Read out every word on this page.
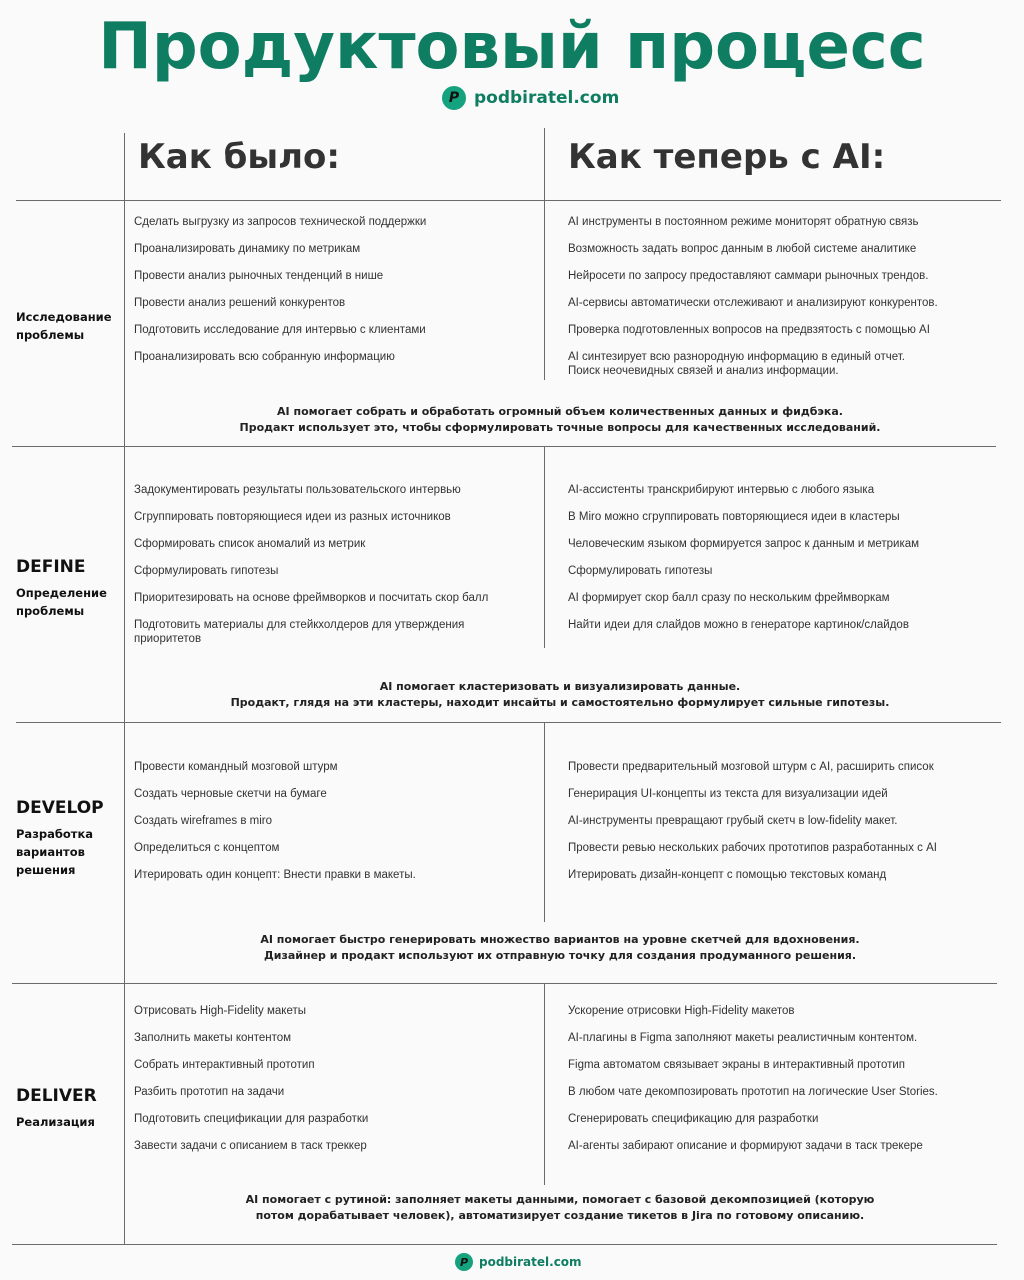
Продуктовый процесс
P podbiratel.com
Как было:	Как теперь с AI:
Исследование проблемы
Сделать выгрузку из запросов технической поддержки
Проанализировать динамику по метрикам
Провести анализ рыночных тенденций в нише
Провести анализ решений конкурентов
Подготовить исследование для интервью с клиентами
Проанализировать всю собранную информацию
AI инструменты в постоянном режиме мониторят обратную связь
Возможность задать вопрос данным в любой системе аналитике
Нейросети по запросу предоставляют саммари рыночных трендов.
AI-сервисы автоматически отслеживают и анализируют конкурентов.
Проверка подготовленных вопросов на предвзятость с помощью AI
AI синтезирует всю разнородную информацию в единый отчет.
Поиск неочевидных связей и анализ информации.
AI помогает собрать и обработать огромный объем количественных данных и фидбэка.
Продакт использует это, чтобы сформулировать точные вопросы для качественных исследований.
DEFINE
Определение проблемы
Задокументировать результаты пользовательского интервью
Сгруппировать повторяющиеся идеи из разных источников
Сформировать список аномалий из метрик
Сформулировать гипотезы
Приоритезировать на основе фреймворков и посчитать скор балл
Подготовить материалы для стейкхолдеров для утверждения
приоритетов
AI-ассистенты транскрибируют интервью с любого языка
В Miro можно сгруппировать повторяющиеся идеи в кластеры
Человеческим языком формируется запрос к данным и метрикам
Сформулировать гипотезы
AI формирует скор балл сразу по нескольким фреймворкам
Найти идеи для слайдов можно в генераторе картинок/слайдов
AI помогает кластеризовать и визуализировать данные.
Продакт, глядя на эти кластеры, находит инсайты и самостоятельно формулирует сильные гипотезы.
DEVELOP
Разработка вариантов решения
Провести командный мозговой штурм
Создать черновые скетчи на бумаге
Создать wireframes в miro
Определиться с концептом
Итерировать один концепт: Внести правки в макеты.
Провести предварительный мозговой штурм с AI, расширить список
Генерирация UI-концепты из текста для визуализации идей
AI-инструменты превращают грубый скетч в low-fidelity макет.
Провести ревью нескольких рабочих прототипов разработанных с AI
Итерировать дизайн-концепт с помощью текстовых команд
AI помогает быстро генерировать множество вариантов на уровне скетчей для вдохновения.
Дизайнер и продакт используют их отправную точку для создания продуманного решения.
DELIVER
Реализация
Отрисовать High-Fidelity макеты
Заполнить макеты контентом
Собрать интерактивный прототип
Разбить прототип на задачи
Подготовить спецификации для разработки
Завести задачи с описанием в таск треккер
Ускорение отрисовки High-Fidelity макетов
AI-плагины в Figma заполняют макеты реалистичным контентом.
Figma автоматом связывает экраны в интерактивный прототип
В любом чате декомпозировать прототип на логические User Stories.
Сгенерировать спецификацию для разработки
AI-агенты забирают описание и формируют задачи в таск трекере
AI помогает с рутиной: заполняет макеты данными, помогает с базовой декомпозицией (которую
потом дорабатывает человек), автоматизирует создание тикетов в Jira по готовому описанию.
P podbiratel.com
